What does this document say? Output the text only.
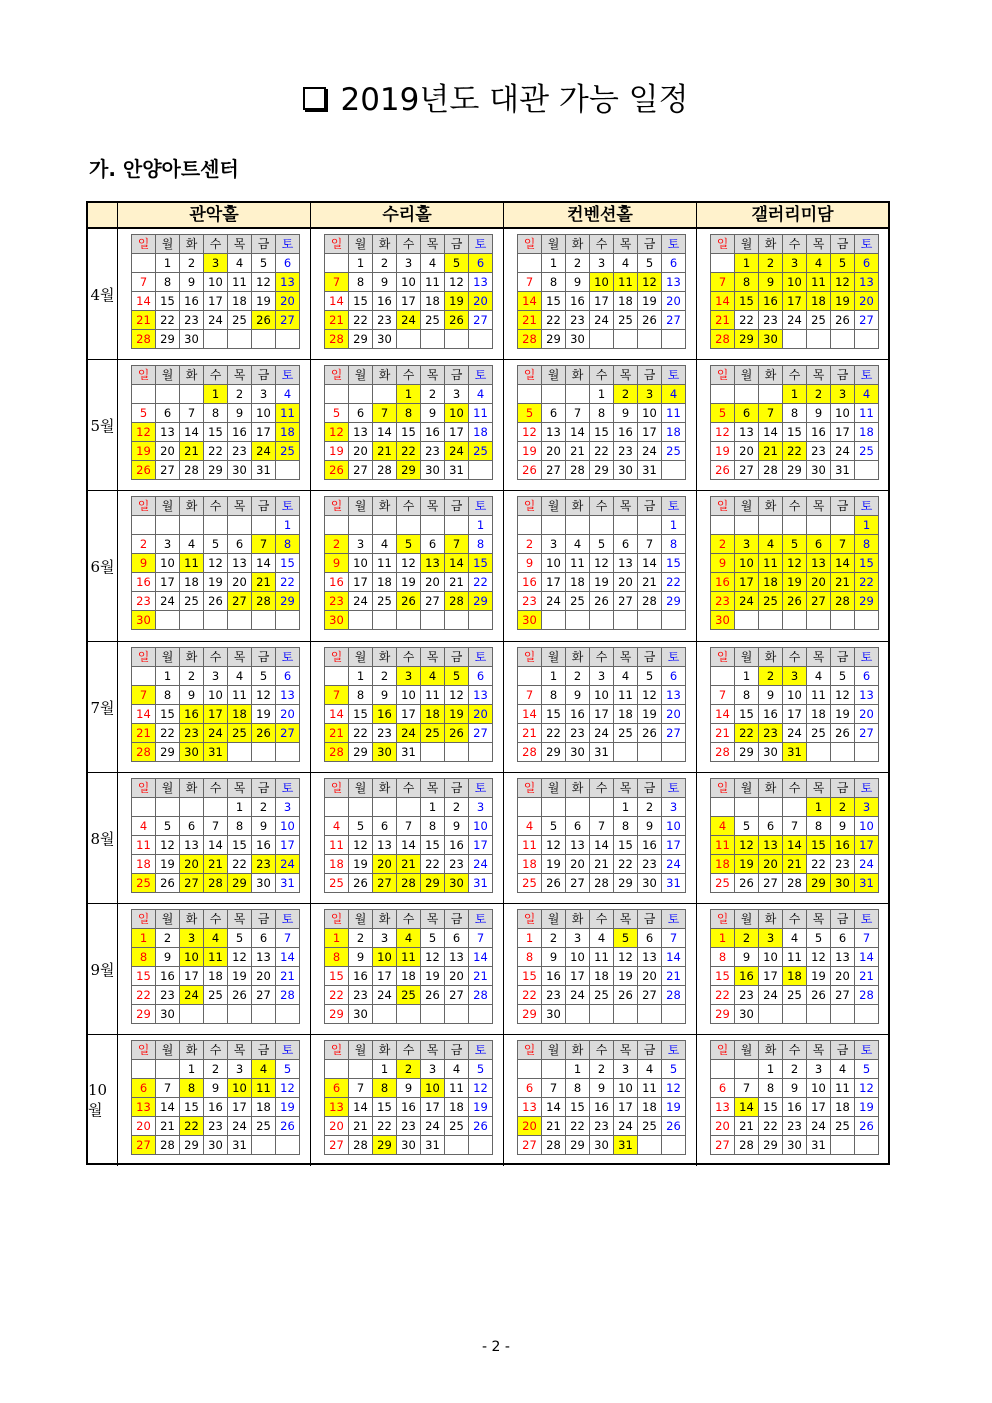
2019년도 대관 가능 일정
가. 안양아트센터
관악홀	수리홀	컨벤션홀	갤러리미담
4월
일	월	화	수	목	금	토
	1	2	3	4	5	6
7	8	9	10	11	12	13
14	15	16	17	18	19	20
21	22	23	24	25	26	27
28	29	30				
일	월	화	수	목	금	토
	1	2	3	4	5	6
7	8	9	10	11	12	13
14	15	16	17	18	19	20
21	22	23	24	25	26	27
28	29	30				
일	월	화	수	목	금	토
	1	2	3	4	5	6
7	8	9	10	11	12	13
14	15	16	17	18	19	20
21	22	23	24	25	26	27
28	29	30				
일	월	화	수	목	금	토
	1	2	3	4	5	6
7	8	9	10	11	12	13
14	15	16	17	18	19	20
21	22	23	24	25	26	27
28	29	30				
5월
일	월	화	수	목	금	토
			1	2	3	4
5	6	7	8	9	10	11
12	13	14	15	16	17	18
19	20	21	22	23	24	25
26	27	28	29	30	31	
일	월	화	수	목	금	토
			1	2	3	4
5	6	7	8	9	10	11
12	13	14	15	16	17	18
19	20	21	22	23	24	25
26	27	28	29	30	31	
일	월	화	수	목	금	토
			1	2	3	4
5	6	7	8	9	10	11
12	13	14	15	16	17	18
19	20	21	22	23	24	25
26	27	28	29	30	31	
일	월	화	수	목	금	토
			1	2	3	4
5	6	7	8	9	10	11
12	13	14	15	16	17	18
19	20	21	22	23	24	25
26	27	28	29	30	31	
6월
일	월	화	수	목	금	토
						1
2	3	4	5	6	7	8
9	10	11	12	13	14	15
16	17	18	19	20	21	22
23	24	25	26	27	28	29
30						
일	월	화	수	목	금	토
						1
2	3	4	5	6	7	8
9	10	11	12	13	14	15
16	17	18	19	20	21	22
23	24	25	26	27	28	29
30						
일	월	화	수	목	금	토
						1
2	3	4	5	6	7	8
9	10	11	12	13	14	15
16	17	18	19	20	21	22
23	24	25	26	27	28	29
30						
일	월	화	수	목	금	토
						1
2	3	4	5	6	7	8
9	10	11	12	13	14	15
16	17	18	19	20	21	22
23	24	25	26	27	28	29
30						
7월
일	월	화	수	목	금	토
	1	2	3	4	5	6
7	8	9	10	11	12	13
14	15	16	17	18	19	20
21	22	23	24	25	26	27
28	29	30	31			
일	월	화	수	목	금	토
	1	2	3	4	5	6
7	8	9	10	11	12	13
14	15	16	17	18	19	20
21	22	23	24	25	26	27
28	29	30	31			
일	월	화	수	목	금	토
	1	2	3	4	5	6
7	8	9	10	11	12	13
14	15	16	17	18	19	20
21	22	23	24	25	26	27
28	29	30	31			
일	월	화	수	목	금	토
	1	2	3	4	5	6
7	8	9	10	11	12	13
14	15	16	17	18	19	20
21	22	23	24	25	26	27
28	29	30	31			
8월
일	월	화	수	목	금	토
				1	2	3
4	5	6	7	8	9	10
11	12	13	14	15	16	17
18	19	20	21	22	23	24
25	26	27	28	29	30	31
일	월	화	수	목	금	토
				1	2	3
4	5	6	7	8	9	10
11	12	13	14	15	16	17
18	19	20	21	22	23	24
25	26	27	28	29	30	31
일	월	화	수	목	금	토
				1	2	3
4	5	6	7	8	9	10
11	12	13	14	15	16	17
18	19	20	21	22	23	24
25	26	27	28	29	30	31
일	월	화	수	목	금	토
				1	2	3
4	5	6	7	8	9	10
11	12	13	14	15	16	17
18	19	20	21	22	23	24
25	26	27	28	29	30	31
9월
일	월	화	수	목	금	토
1	2	3	4	5	6	7
8	9	10	11	12	13	14
15	16	17	18	19	20	21
22	23	24	25	26	27	28
29	30					
일	월	화	수	목	금	토
1	2	3	4	5	6	7
8	9	10	11	12	13	14
15	16	17	18	19	20	21
22	23	24	25	26	27	28
29	30					
일	월	화	수	목	금	토
1	2	3	4	5	6	7
8	9	10	11	12	13	14
15	16	17	18	19	20	21
22	23	24	25	26	27	28
29	30					
일	월	화	수	목	금	토
1	2	3	4	5	6	7
8	9	10	11	12	13	14
15	16	17	18	19	20	21
22	23	24	25	26	27	28
29	30					
10월
일	월	화	수	목	금	토
		1	2	3	4	5
6	7	8	9	10	11	12
13	14	15	16	17	18	19
20	21	22	23	24	25	26
27	28	29	30	31		
일	월	화	수	목	금	토
		1	2	3	4	5
6	7	8	9	10	11	12
13	14	15	16	17	18	19
20	21	22	23	24	25	26
27	28	29	30	31		
일	월	화	수	목	금	토
		1	2	3	4	5
6	7	8	9	10	11	12
13	14	15	16	17	18	19
20	21	22	23	24	25	26
27	28	29	30	31		
일	월	화	수	목	금	토
		1	2	3	4	5
6	7	8	9	10	11	12
13	14	15	16	17	18	19
20	21	22	23	24	25	26
27	28	29	30	31		
- 2 -
